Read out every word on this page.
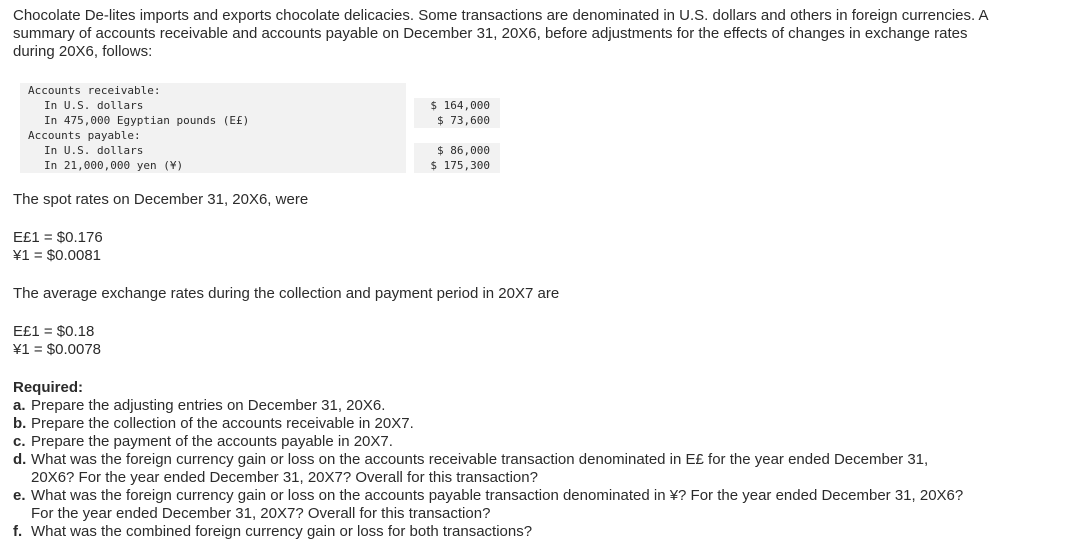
Chocolate De-lites imports and exports chocolate delicacies. Some transactions are denominated in U.S. dollars and others in foreign currencies. A summary of accounts receivable and accounts payable on December 31, 20X6, before adjustments for the effects of changes in exchange rates during 20X6, follows:
Accounts receivable:		
In U.S. dollars		$ 164,000
In 475,000 Egyptian pounds (E£)		$ 73,600
Accounts payable:		
In U.S. dollars		$ 86,000
In 21,000,000 yen (¥)		$ 175,300
The spot rates on December 31, 20X6, were
E£1 = $0.176
¥1 = $0.0081
The average exchange rates during the collection and payment period in 20X7 are
E£1 = $0.18
¥1 = $0.0078
Required:
a. Prepare the adjusting entries on December 31, 20X6.
b. Prepare the collection of the accounts receivable in 20X7.
c. Prepare the payment of the accounts payable in 20X7.
d. What was the foreign currency gain or loss on the accounts receivable transaction denominated in E£ for the year ended December 31, 20X6? For the year ended December 31, 20X7? Overall for this transaction?
e. What was the foreign currency gain or loss on the accounts payable transaction denominated in ¥? For the year ended December 31, 20X6? For the year ended December 31, 20X7? Overall for this transaction?
f. What was the combined foreign currency gain or loss for both transactions?
